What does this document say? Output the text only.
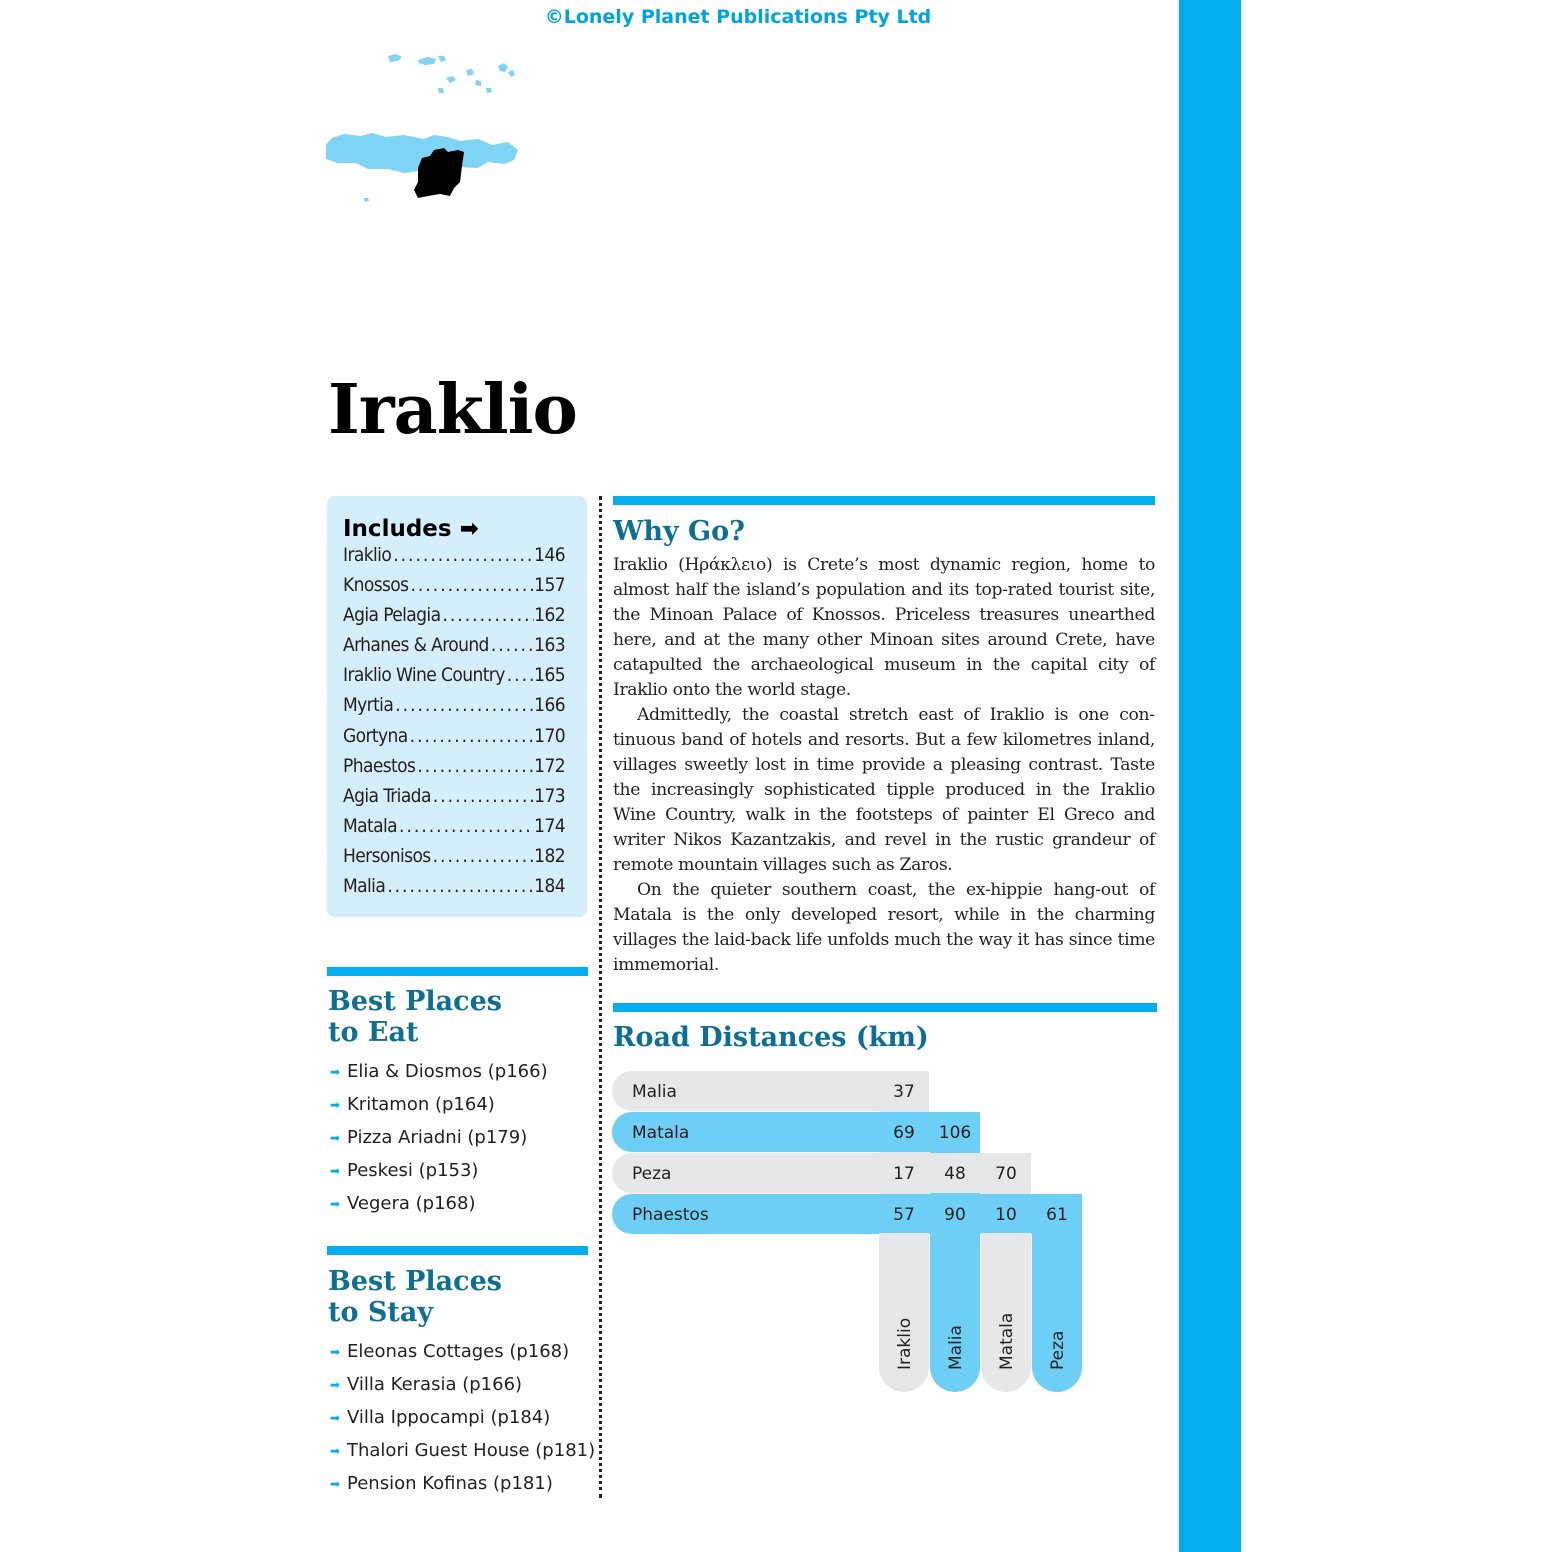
©Lonely Planet Publications Pty Ltd
Iraklio
Includes ➡
Iraklio .....	146
Knossos .....	157
Agia Pelagia .....	162
Arhanes & Around ..... 163
Iraklio Wine Country ..... 165
Myrtia .....	166
Gortyna .....	170
Phaestos .....	172
Agia Triada .....	173
Matala .....	174
Hersonisos .....	182
Malia .....	184
Best Places
to Eat
➡ Elia & Diosmos (p166)
➡ Kritamon (p164)
➡ Pizza Ariadni (p179)
➡ Peskesi (p153)
➡ Vegera (p168)
Best Places
to Stay
➡ Eleonas Cottages (p168)
➡ Villa Kerasia (p166)
➡ Villa Ippocampi (p184)
➡ Thalori Guest House (p181)
➡ Pension Kofinas (p181)
Why Go?

Iraklio (Ηράκλειο) is Crete’s most dynamic region, home to almost half the island’s population and its top-rated tourist site, the Minoan Palace of Knossos. Priceless treasures unearthed here, and at the many other Minoan sites around Crete, have catapulted the archaeological museum in the capital city of Iraklio onto the world stage.

Admittedly, the coastal stretch east of Iraklio is one continuous band of hotels and resorts. But a few kilometres inland, villages sweetly lost in time provide a pleasing contrast. Taste the increasingly sophisticated tipple produced in the Iraklio Wine Country, walk in the footsteps of painter El Greco and writer Nikos Kazantzakis, and revel in the rustic grandeur of remote mountain villages such as Zaros.

On the quieter southern coast, the ex-hippie hang-out of Matala is the only developed resort, while in the charming villages the laid-back life unfolds much the way it has since time immemorial.

Road Distances (km)
Malia	37
Matala	69 106
Peza	17 48 70
Phaestos	57 90 10 61
Iraklio Malia Matala Peza
